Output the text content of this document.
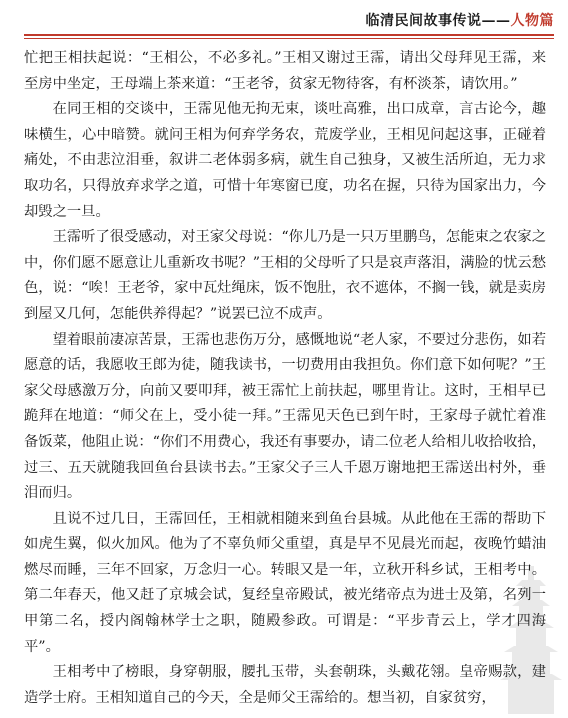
临清民间故事传说——人物篇

忙把王相扶起说：“王相公，不必多礼。”王相又谢过王霈，请出父母拜见王霈，来至房中坐定，王母端上茶来道：“王老爷，贫家无物待客，有杯淡茶，请饮用。”

在同王相的交谈中，王霈见他无拘无束，谈吐高雅，出口成章，言古论今，趣味横生，心中暗赞。就问王相为何弃学务农，荒废学业，王相见问起这事，正碰着痛处，不由悲泣泪垂，叙讲二老体弱多病，就生自己独身，又被生活所迫，无力求取功名，只得放弃求学之道，可惜十年寒窗已度，功名在握，只待为国家出力，今却毁之一旦。

王霈听了很受感动，对王家父母说：“你儿乃是一只万里鹏鸟，怎能束之农家之中，你们愿不愿意让儿重新攻书呢？”王相的父母听了只是哀声落泪，满脸的忧云愁色，说：“唉！王老爷，家中瓦灶绳床，饭不饱肚，衣不遮体，不搁一钱，就是卖房到屋又几何，怎能供养得起？”说罢已泣不成声。

望着眼前凄凉苦景，王霈也悲伤万分，感慨地说“老人家，不要过分悲伤，如若愿意的话，我愿收王郎为徒，随我读书，一切费用由我担负。你们意下如何呢？”王家父母感激万分，向前又要叩拜，被王霈忙上前扶起，哪里肯让。这时，王相早已跪拜在地道：“师父在上，受小徒一拜。”王霈见天色已到午时，王家母子就忙着准备饭菜，他阻止说：“你们不用费心，我还有事要办，请二位老人给相儿收拾收拾，过三、五天就随我回鱼台县读书去。”王家父子三人千恩万谢地把王霈送出村外，垂泪而归。

且说不过几日，王霈回任，王相就相随来到鱼台县城。从此他在王霈的帮助下如虎生翼，似火加风。他为了不辜负师父重望，真是早不见晨光而起，夜晚竹蜡油燃尽而睡，三年不回家，万念归一心。转眼又是一年，立秋开科乡试，王相考中。第二年春天，他又赶了京城会试，复经皇帝殿试，被光绪帝点为进士及第，名列一甲第二名，授内阁翰林学士之职，随殿参政。可谓是：“平步青云上，学才四海平”。

王相考中了榜眼，身穿朝服，腰扎玉带，头套朝珠，头戴花翎。皇帝赐款，建造学士府。王相知道自己的今天，全是师父王霈给的。想当初，自家贫穷，
